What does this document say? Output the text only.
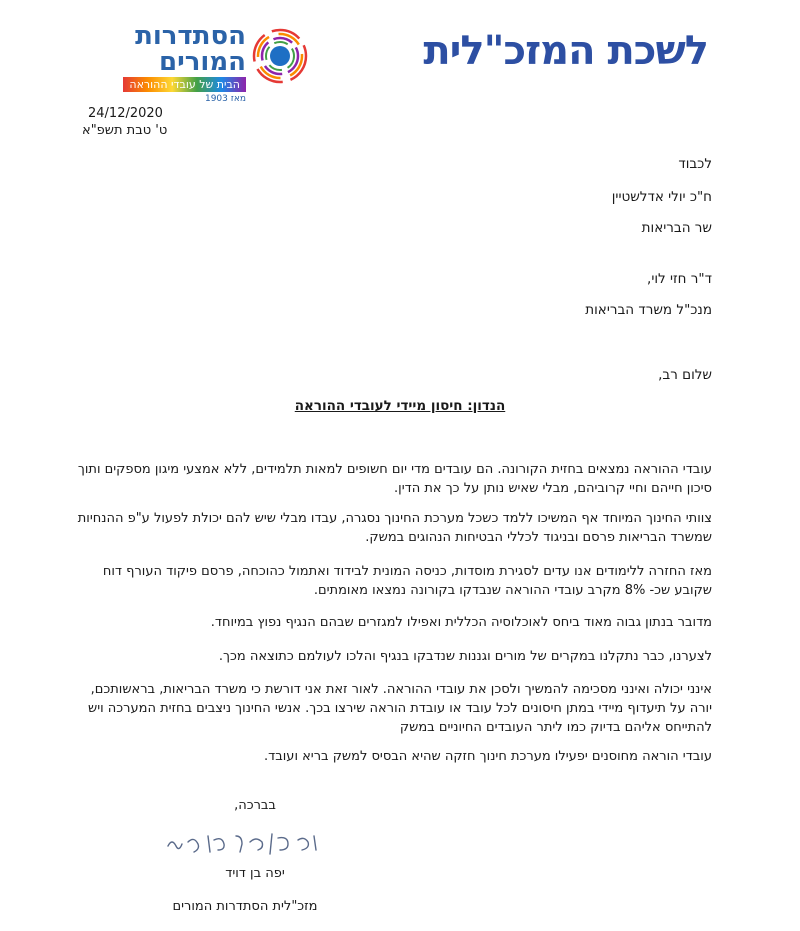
לשכת המזכ"לית
הסתדרות
המורים
הבית של עובדי ההוראה
מאז 1903
24/12/2020
ט' טבת תשפ"א
לכבוד
ח"כ יולי אדלשטיין
שר הבריאות
ד"ר חזי לוי,
מנכ"ל משרד הבריאות
שלום רב,
הנדון: חיסון מיידי לעובדי ההוראה
עובדי ההוראה נמצאים בחזית הקורונה. הם עובדים מדי יום חשופים למאות תלמידים, ללא אמצעי מיגון מספקים ותוך סיכון חייהם וחיי קרוביהם, מבלי שאיש נותן על כך את הדין.
צוותי החינוך המיוחד אף המשיכו ללמד כשכל מערכת החינוך נסגרה, עבדו מבלי שיש להם יכולת לפעול ע"פ ההנחיות שמשרד הבריאות פרסם ובניגוד לכללי הבטיחות הנהוגים במשק.
מאז החזרה ללימודים אנו עדים לסגירת מוסדות, כניסה המונית לבידוד ואתמול כהוכחה, פרסם פיקוד העורף דוח שקובע שכ- 8% מקרב עובדי ההוראה שנבדקו בקורונה נמצאו מאומתים.
מדובר בנתון גבוה מאוד ביחס לאוכלוסיה הכללית ואפילו למגזרים שבהם הנגיף נפוץ במיוחד.
לצערנו, כבר נתקלנו במקרים של מורים וגננות שנדבקו בנגיף והלכו לעולמם כתוצאה מכך.
אינני יכולה ואינני מסכימה להמשיך ולסכן את עובדי ההוראה. לאור זאת אני דורשת כי משרד הבריאות, בראשותכם, יורה על תיעדוף מיידי במתן חיסונים לכל עובד או עובדת הוראה שירצו בכך. אנשי החינוך ניצבים בחזית המערכה ויש להתייחס אליהם בדיוק כמו ליתר העובדים החיוניים במשק
עובדי הוראה מחוסנים יפעילו מערכת חינוך חזקה שהיא הבסיס למשק בריא ועובד.
בברכה,
יפה בן דויד
מזכ"לית הסתדרות המורים
